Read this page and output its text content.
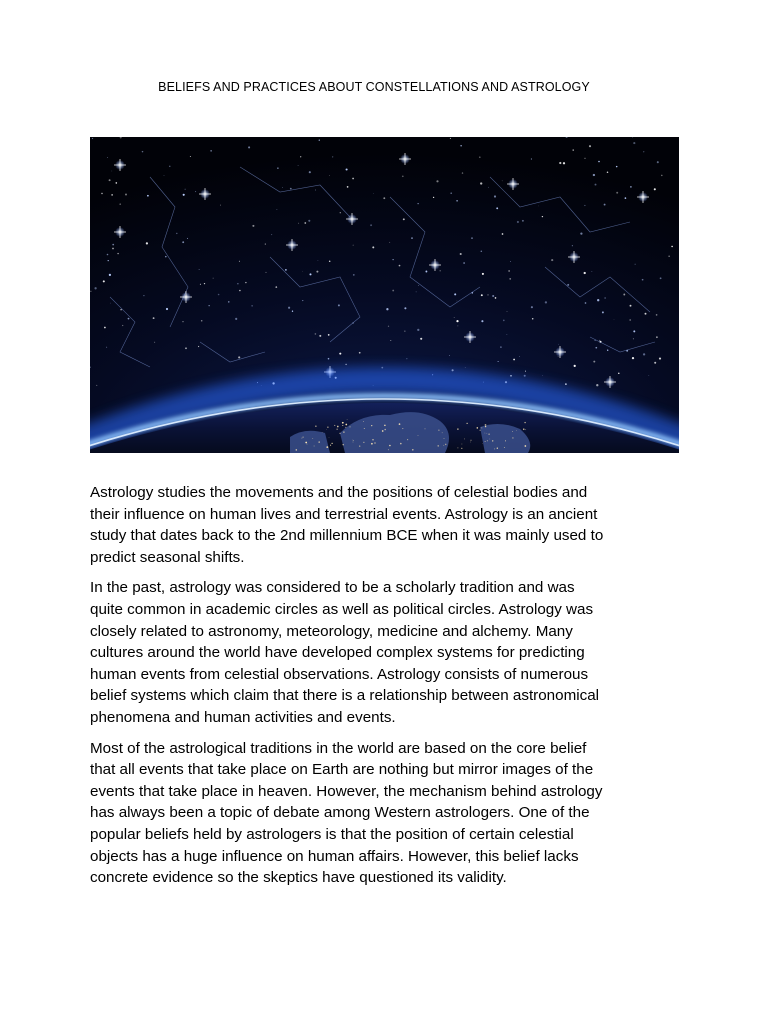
BELIEFS AND PRACTICES ABOUT CONSTELLATIONS AND ASTROLOGY

Astrology studies the movements and the positions of celestial bodies and
their influence on human lives and terrestrial events. Astrology is an ancient
study that dates back to the 2nd millennium BCE when it was mainly used to
predict seasonal shifts.

In the past, astrology was considered to be a scholarly tradition and was
quite common in academic circles as well as political circles. Astrology was
closely related to astronomy, meteorology, medicine and alchemy. Many
cultures around the world have developed complex systems for predicting
human events from celestial observations. Astrology consists of numerous
belief systems which claim that there is a relationship between astronomical
phenomena and human activities and events.

Most of the astrological traditions in the world are based on the core belief
that all events that take place on Earth are nothing but mirror images of the
events that take place in heaven. However, the mechanism behind astrology
has always been a topic of debate among Western astrologers. One of the
popular beliefs held by astrologers is that the position of certain celestial
objects has a huge influence on human affairs. However, this belief lacks
concrete evidence so the skeptics have questioned its validity.
